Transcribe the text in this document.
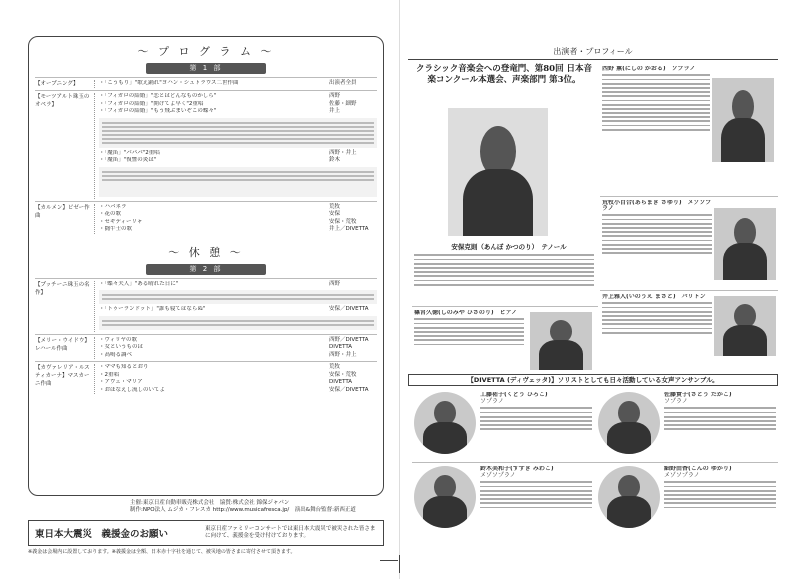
〜 プ ロ グ ラ ム 〜
第 1 部
【オープニング】	・「こうもり」"歌え踊れ"ヨハン・シュトラウス二世作曲	出演者全員
【モーツアルト珠玉のオペラ】
・「フィガロの結婚」"恋とはどんなものかしら"	西野
・「フィガロの結婚」"開けてよ早く"2重唱	佐藤・細野
・「フィガロの結婚」"もう飛ぶまいぞこの蝶々"	井上
・「魔笛」"パパパ"2重唱	西野・井上
・「魔笛」"復讐の炎は"	鈴木
【カルメン】ビゼー作曲
・ハバネラ	荒牧
・花の歌	安保
・セギディーリャ	安保・荒牧
・闘牛士の歌	井上／DIVETTA
〜 休 憩 〜
第 2 部
【プッチーニ珠玉の名作】
・「蝶々夫人」"ある晴れた日に"	西野
・「トゥーランドット」"誰も寝てはならぬ"	安保／DIVETTA
【メリー・ウイドウ】レハール作曲
・ヴィリヤの歌	西野／DIVETTA
・女というものは	DIVETTA
・高鳴る調べ	西野・井上
【カヴァレリア・ルスティカーナ】マスカーニ作曲
・ママも知るとおり	荒牧
・2重唱	安保・荒牧
・アヴェ・マリア	DIVETTA
・おほなえし流しのいてよ	安保／DIVETTA
主催:東京日産自動車販売株式会社　協賛:株式会社 錦保ジャパン
制作:NPO法人 ムジカ・フレスカ http://www.musicafresca.jp/　演出&舞台監督:新西正道
東日本大震災　義援金のお願い	東京日産ファミリーコンサートでは東日本大震災で被災された皆さまに向けて、義援金を受け付けております。
※義金は会場内に設置しております。※義援金は全額、日本赤十字社を通じて、被災地の皆さまに寄付させて頂きます。
出演者・プロフィール
クラシック音楽会への登竜門、第80回 日本音楽コンクール本選会、声楽部門 第3位。
安保克則（あんぼ かつのり）　テノール
篠宮久徳(しのみや ひさのり)　ピアノ
西野 薫(にしの かおる)　ソプラノ
荒牧小百合(あらまき さゆり)　メゾソプラノ
井上雅人(いのうえ まさと)　バリトン
【DIVETTA (ディヴェッタ)】ソリストとしても日々活動している女声アンサンブル。
工藤祐子(くどう ひろこ)
ソプラノ
佐藤貴子(さとう たかこ)
ソプラノ
鈴木美和子(すずき みわこ)
メゾソプラノ
細野由香(こんの ゆかり)
メゾソプラノ
